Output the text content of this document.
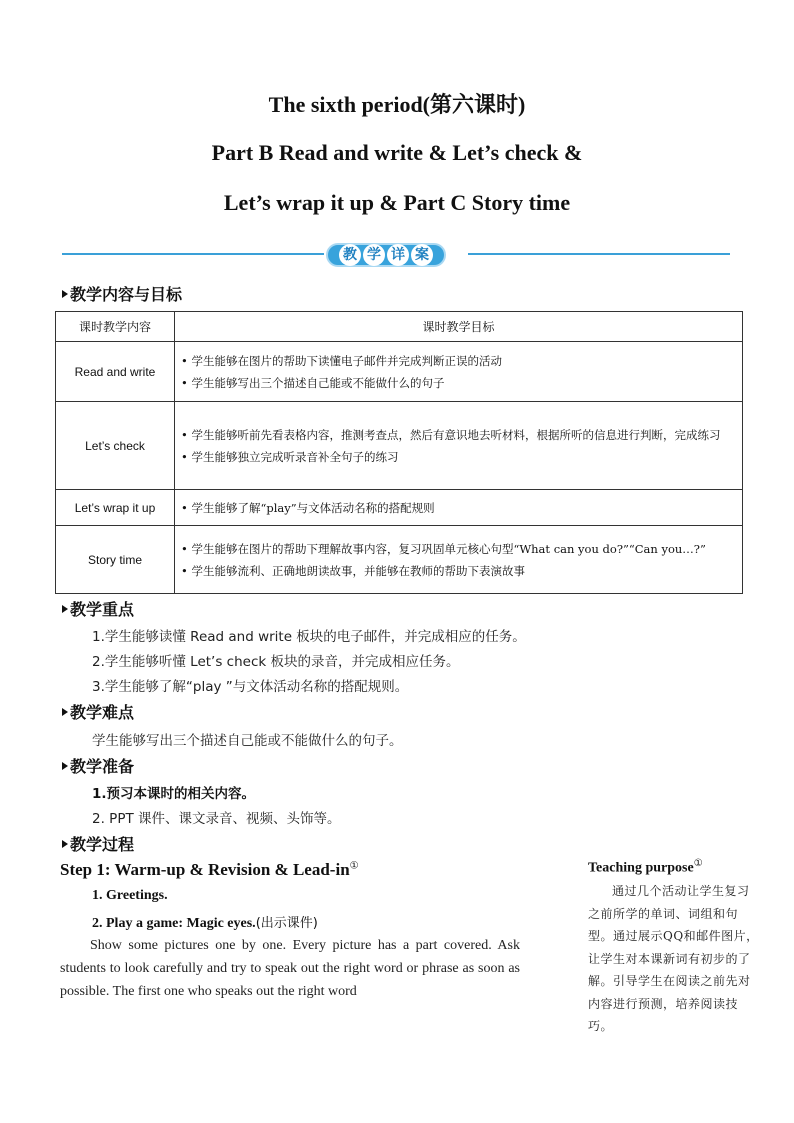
The sixth period(第六课时)
Part B Read and write & Let’s check &
Let’s wrap it up & Part C Story time
教 学 详 案
教学内容与目标
课时教学内容	课时教学目标
Read and write	• 学生能够在图片的帮助下读懂电子邮件并完成判断正误的活动
• 学生能够写出三个描述自己能或不能做什么的句子

Let’s check	• 学生能够听前先看表格内容，推测考查点，然后有意识地去听材料，根据所听的信息进行判断，完成练习
• 学生能够独立完成听录音补全句子的练习

Let’s wrap it up	• 学生能够了解“play”与文体活动名称的搭配规则

Story time	• 学生能够在图片的帮助下理解故事内容，复习巩固单元核心句型“What can you do?”“Can you…?”
• 学生能够流利、正确地朗读故事，并能够在教师的帮助下表演故事
教学重点
1.学生能够读懂 Read and write 板块的电子邮件，并完成相应的任务。
2.学生能够听懂 Let’s check 板块的录音，并完成相应任务。
3.学生能够了解“play ”与文体活动名称的搭配规则。
教学难点
学生能够写出三个描述自己能或不能做什么的句子。
教学准备
1.预习本课时的相关内容。
2. PPT 课件、课文录音、视频、头饰等。
教学过程
Step 1: Warm-up & Revision & Lead-in①
1. Greetings.
2. Play a game: Magic eyes.(出示课件)
Show some pictures one by one. Every picture has a part covered. Ask students to look carefully and try to speak out the right word or phrase as soon as possible. The first one who speaks out the right word
Teaching purpose①
通过几个活动让学生复习之前所学的单词、词组和句型。通过展示QQ和邮件图片，让学生对本课新词有初步的了解。引导学生在阅读之前先对内容进行预测，培养阅读技巧。
